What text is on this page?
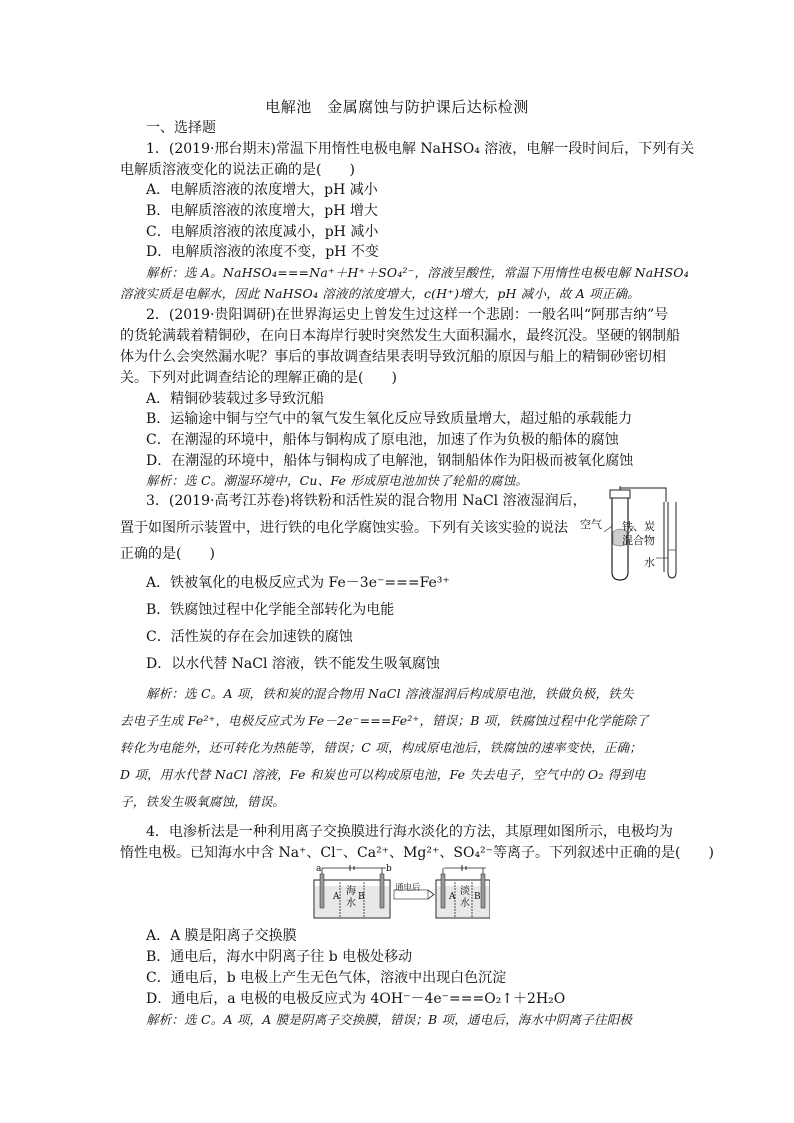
电解池　金属腐蚀与防护课后达标检测
一、选择题
1．(2019·邢台期末)常温下用惰性电极电解 NaHSO₄ 溶液，电解一段时间后，下列有关
电解质溶液变化的说法正确的是(　　)
A．电解质溶液的浓度增大，pH 减小
B．电解质溶液的浓度增大，pH 增大
C．电解质溶液的浓度减小，pH 减小
D．电解质溶液的浓度不变，pH 不变
解析：选 A。NaHSO₄===Na⁺＋H⁺＋SO₄²⁻，溶液呈酸性，常温下用惰性电极电解 NaHSO₄
溶液实质是电解水，因此 NaHSO₄ 溶液的浓度增大，c(H⁺)增大，pH 减小，故 A 项正确。
2．(2019·贵阳调研)在世界海运史上曾发生过这样一个悲剧：一般名叫“阿那吉纳”号
的货轮满载着精铜砂，在向日本海岸行驶时突然发生大面积漏水，最终沉没。坚硬的钢制船
体为什么会突然漏水呢？事后的事故调查结果表明导致沉船的原因与船上的精铜砂密切相
关。下列对此调查结论的理解正确的是(　　)
A．精铜砂装载过多导致沉船
B．运输途中铜与空气中的氧气发生氧化反应导致质量增大，超过船的承载能力
C．在潮湿的环境中，船体与铜构成了原电池，加速了作为负极的船体的腐蚀
D．在潮湿的环境中，船体与铜构成了电解池，钢制船体作为阳极而被氧化腐蚀
解析：选 C。潮湿环境中，Cu、Fe 形成原电池加快了轮船的腐蚀。
3．(2019·高考江苏卷)将铁粉和活性炭的混合物用 NaCl 溶液湿润后，
置于如图所示装置中，进行铁的电化学腐蚀实验。下列有关该实验的说法
正确的是(　　)
A．铁被氧化的电极反应式为 Fe－3e⁻===Fe³⁺
B．铁腐蚀过程中化学能全部转化为电能
C．活性炭的存在会加速铁的腐蚀
D．以水代替 NaCl 溶液，铁不能发生吸氧腐蚀
空气 铁、炭
混合物
水
解析：选 C。A 项，铁和炭的混合物用 NaCl 溶液湿润后构成原电池，铁做负极，铁失
去电子生成 Fe²⁺，电极反应式为 Fe－2e⁻===Fe²⁺，错误；B 项，铁腐蚀过程中化学能除了
转化为电能外，还可转化为热能等，错误；C 项，构成原电池后，铁腐蚀的速率变快，正确；
D 项，用水代替 NaCl 溶液，Fe 和炭也可以构成原电池，Fe 失去电子，空气中的 O₂ 得到电
子，铁发生吸氧腐蚀，错误。
4．电渗析法是一种利用离子交换膜进行海水淡化的方法，其原理如图所示，电极均为
惰性电极。已知海水中含 Na⁺、Cl⁻、Ca²⁺、Mg²⁺、SO₄²⁻等离子。下列叙述中正确的是(　　)
a	b
海
水
A B
通电后	淡
水
A B
A．A 膜是阳离子交换膜
B．通电后，海水中阴离子往 b 电极处移动
C．通电后，b 电极上产生无色气体，溶液中出现白色沉淀
D．通电后，a 电极的电极反应式为 4OH⁻－4e⁻===O₂↑＋2H₂O
解析：选 C。A 项，A 膜是阴离子交换膜，错误；B 项，通电后，海水中阴离子往阳极
